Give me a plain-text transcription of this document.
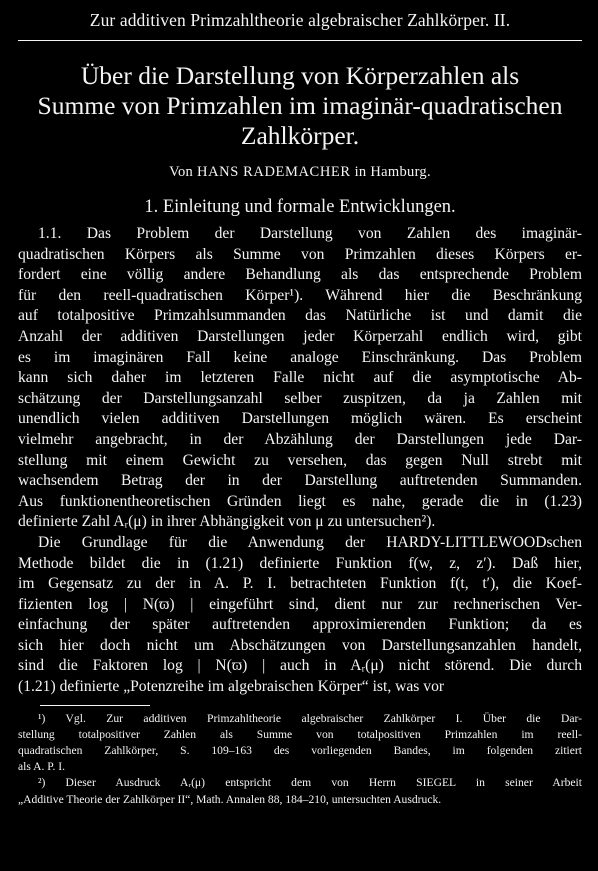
Zur additiven Primzahltheorie algebraischer Zahlkörper. II.
Über die Darstellung von Körperzahlen als
Summe von Primzahlen im imaginär-quadratischen
Zahlkörper.
Von HANS RADEMACHER in Hamburg.
1. Einleitung und formale Entwicklungen.
1.1. Das Problem der Darstellung von Zahlen des imaginär-
quadratischen Körpers als Summe von Primzahlen dieses Körpers er-
fordert eine völlig andere Behandlung als das entsprechende Problem
für den reell-quadratischen Körper¹). Während hier die Beschränkung
auf totalpositive Primzahlsummanden das Natürliche ist und damit die
Anzahl der additiven Darstellungen jeder Körperzahl endlich wird, gibt
es im imaginären Fall keine analoge Einschränkung. Das Problem
kann sich daher im letzteren Falle nicht auf die asymptotische Ab-
schätzung der Darstellungsanzahl selber zuspitzen, da ja Zahlen mit
unendlich vielen additiven Darstellungen möglich wären. Es erscheint
vielmehr angebracht, in der Abzählung der Darstellungen jede Dar-
stellung mit einem Gewicht zu versehen, das gegen Null strebt mit
wachsendem Betrag der in der Darstellung auftretenden Summanden.
Aus funktionentheoretischen Gründen liegt es nahe, gerade die in (1.23)
definierte Zahl Aᵣ(μ) in ihrer Abhängigkeit von μ zu untersuchen²).
Die Grundlage für die Anwendung der HARDY-LITTLEWOODschen
Methode bildet die in (1.21) definierte Funktion f(w, z, z′). Daß hier,
im Gegensatz zu der in A. P. I. betrachteten Funktion f(t, t′), die Koef-
fizienten log | N(ϖ) | eingeführt sind, dient nur zur rechnerischen Ver-
einfachung der später auftretenden approximierenden Funktion; da es
sich hier doch nicht um Abschätzungen von Darstellungsanzahlen handelt,
sind die Faktoren log | N(ϖ) | auch in Aᵣ(μ) nicht störend. Die durch
(1.21) definierte „Potenzreihe im algebraischen Körper“ ist, was vor
¹) Vgl. Zur additiven Primzahltheorie algebraischer Zahlkörper I. Über die Dar-
stellung totalpositiver Zahlen als Summe von totalpositiven Primzahlen im reell-
quadratischen Zahlkörper, S. 109–163 des vorliegenden Bandes, im folgenden zitiert
als A. P. I.
²) Dieser Ausdruck Aᵣ(μ) entspricht dem von Herrn SIEGEL in seiner Arbeit
„Additive Theorie der Zahlkörper II“, Math. Annalen 88, 184–210, untersuchten Ausdruck.
